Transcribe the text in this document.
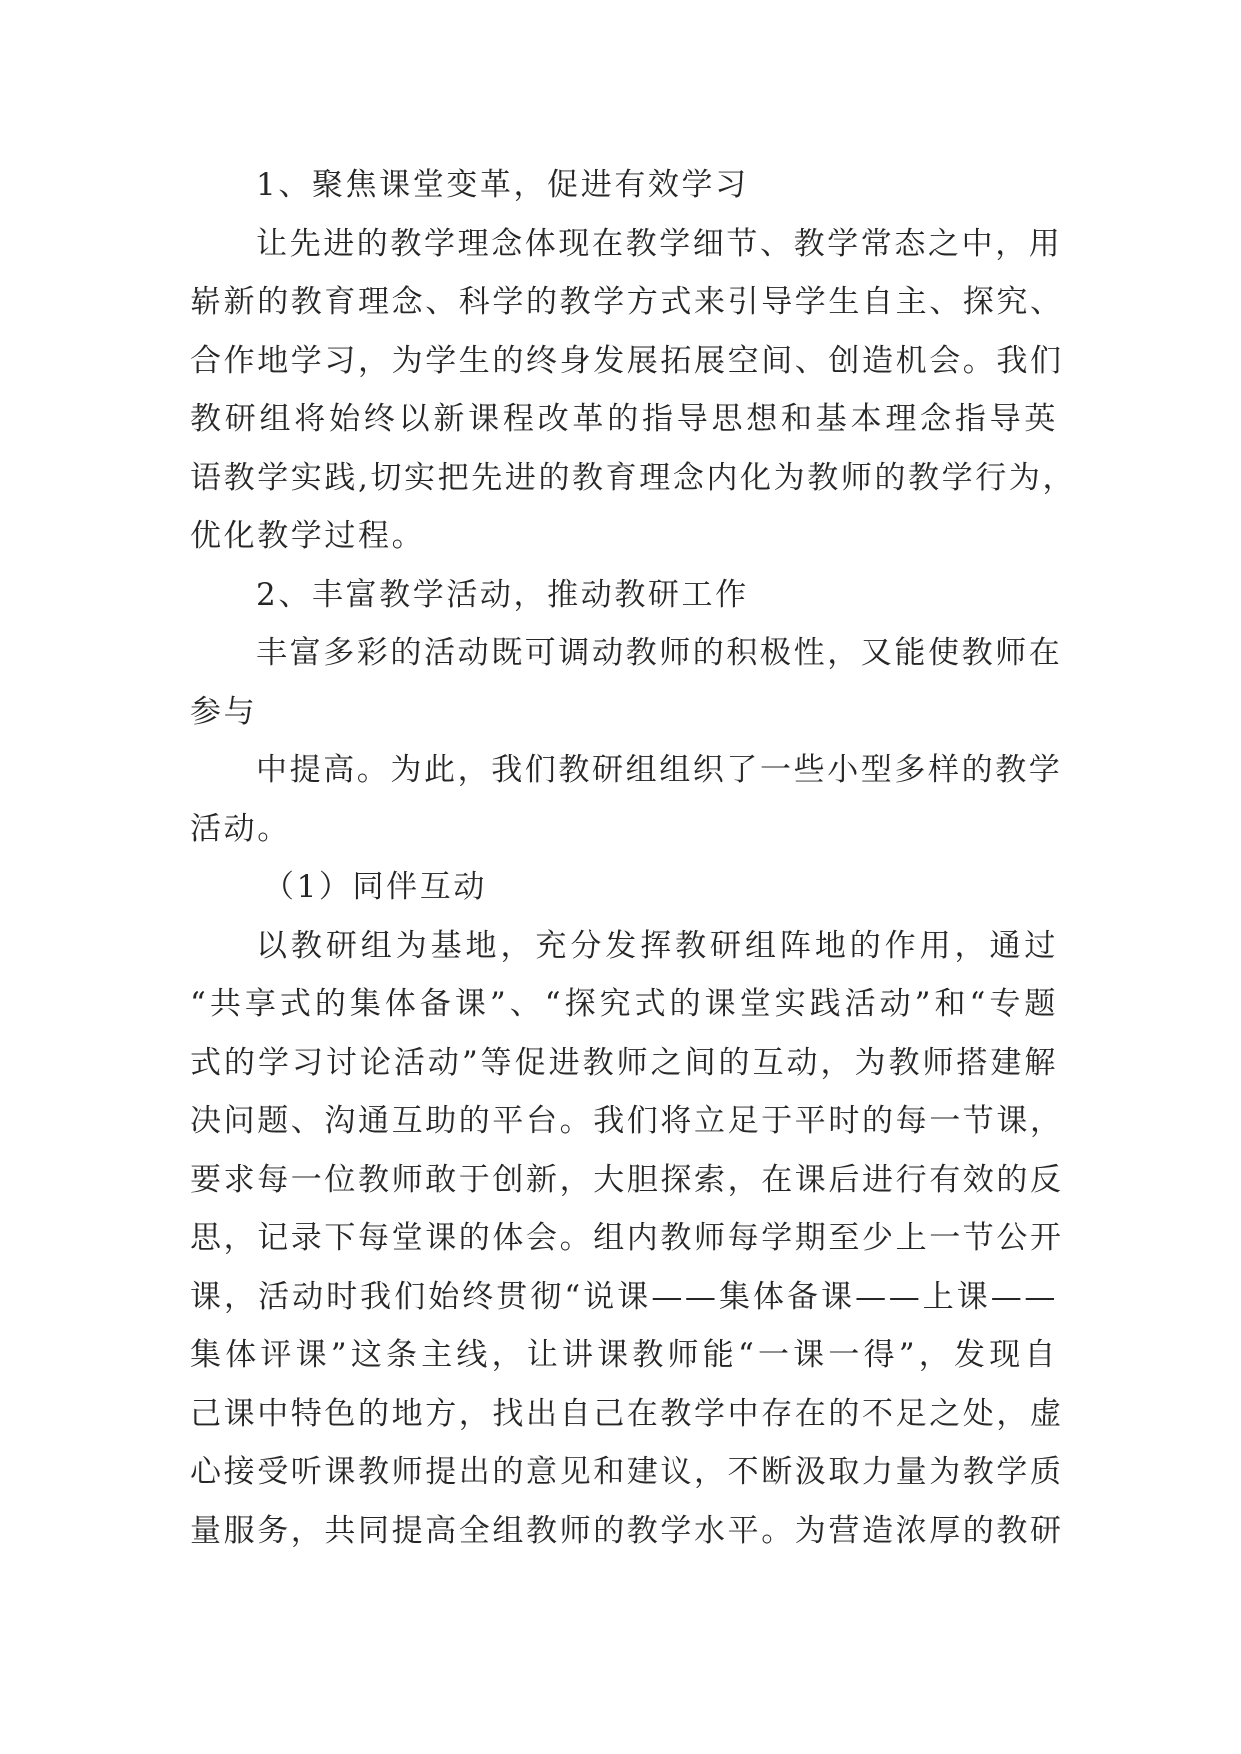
1、聚焦课堂变革，促进有效学习
让先进的教学理念体现在教学细节、教学常态之中，用
崭新的教育理念、科学的教学方式来引导学生自主、探究、
合作地学习，为学生的终身发展拓展空间、创造机会。我们
教研组将始终以新课程改革的指导思想和基本理念指导英
语教学实践,切实把先进的教育理念内化为教师的教学行为，
优化教学过程。
2、丰富教学活动，推动教研工作
丰富多彩的活动既可调动教师的积极性，又能使教师在
参与
中提高。为此，我们教研组组织了一些小型多样的教学
活动。
（1）同伴互动
以教研组为基地，充分发挥教研组阵地的作用，通过
“共享式的集体备课”、“探究式的课堂实践活动”和“专题
式的学习讨论活动”等促进教师之间的互动，为教师搭建解
决问题、沟通互助的平台。我们将立足于平时的每一节课，
要求每一位教师敢于创新，大胆探索，在课后进行有效的反
思，记录下每堂课的体会。组内教师每学期至少上一节公开
课，活动时我们始终贯彻“说课——集体备课——上课——
集体评课”这条主线，让讲课教师能“一课一得”，发现自
己课中特色的地方，找出自己在教学中存在的不足之处，虚
心接受听课教师提出的意见和建议，不断汲取力量为教学质
量服务，共同提高全组教师的教学水平。为营造浓厚的教研
